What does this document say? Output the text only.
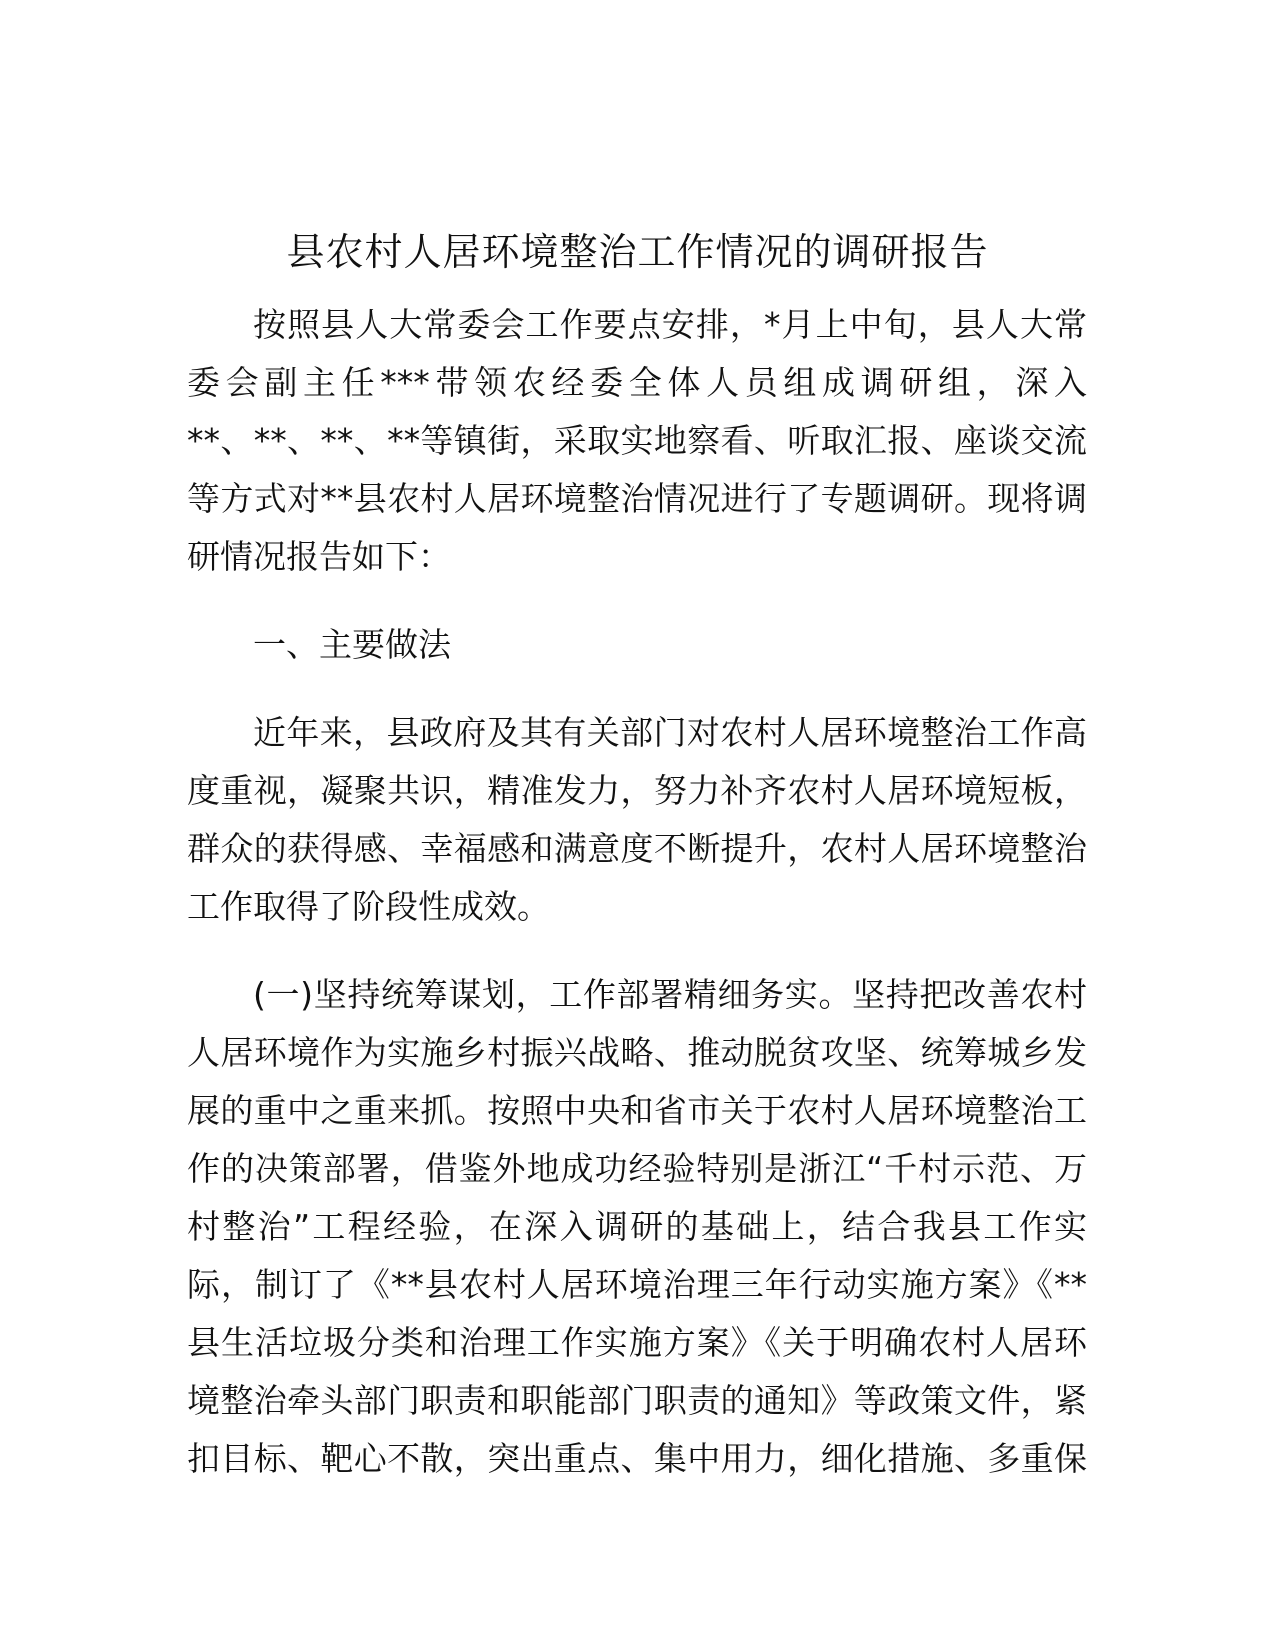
县农村人居环境整治工作情况的调研报告
按照县人大常委会工作要点安排，*月上中旬，县人大常
委会副主任***带领农经委全体人员组成调研组，深入
**、**、**、**等镇街，采取实地察看、听取汇报、座谈交流
等方式对**县农村人居环境整治情况进行了专题调研。现将调
研情况报告如下：
一、主要做法
近年来，县政府及其有关部门对农村人居环境整治工作高
度重视，凝聚共识，精准发力，努力补齐农村人居环境短板，
群众的获得感、幸福感和满意度不断提升，农村人居环境整治
工作取得了阶段性成效。
(一)坚持统筹谋划，工作部署精细务实。坚持把改善农村
人居环境作为实施乡村振兴战略、推动脱贫攻坚、统筹城乡发
展的重中之重来抓。按照中央和省市关于农村人居环境整治工
作的决策部署，借鉴外地成功经验特别是浙江“千村示范、万
村整治”工程经验，在深入调研的基础上，结合我县工作实
际，制订了《**县农村人居环境治理三年行动实施方案》《**
县生活垃圾分类和治理工作实施方案》《关于明确农村人居环
境整治牵头部门职责和职能部门职责的通知》等政策文件，紧
扣目标、靶心不散，突出重点、集中用力，细化措施、多重保
